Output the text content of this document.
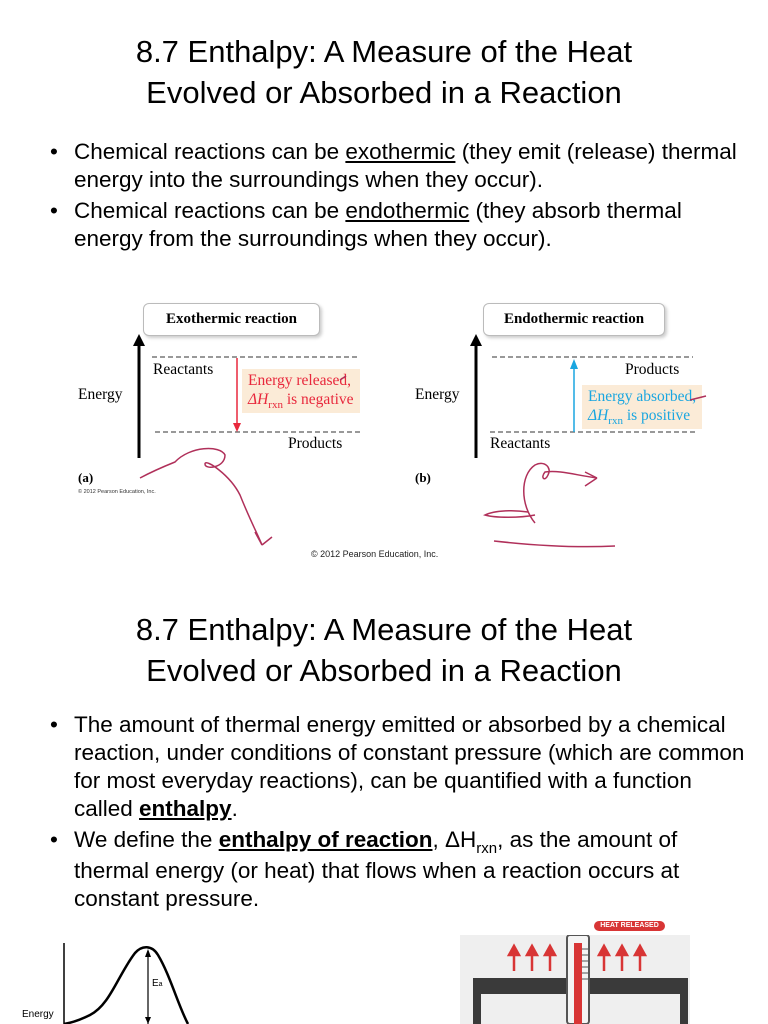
8.7 Enthalpy: A Measure of the Heat
Evolved or Absorbed in a Reaction
• Chemical reactions can be exothermic (they emit (release) thermal energy into the surroundings when they occur).
• Chemical reactions can be endothermic (they absorb thermal energy from the surroundings when they occur).
Exothermic reaction
Energy
Reactants
Products
Energy released,
$\Delta H_{rxn}$ is negative
(a)
© 2012 Pearson Education, Inc.
Endothermic reaction
Energy
Products
Reactants
Energy absorbed,
$\Delta H_{rxn}$ is positive
(b)
© 2012 Pearson Education, Inc.
8.7 Enthalpy: A Measure of the Heat
Evolved or Absorbed in a Reaction
• The amount of thermal energy emitted or absorbed by a chemical reaction, under conditions of constant pressure (which are common for most everyday reactions), can be quantified with a function called enthalpy.
• We define the enthalpy of reaction, $\Delta H_{rxn}$, as the amount of thermal energy (or heat) that flows when a reaction occurs at constant pressure.
Energy
Ea
HEAT RELEASED
